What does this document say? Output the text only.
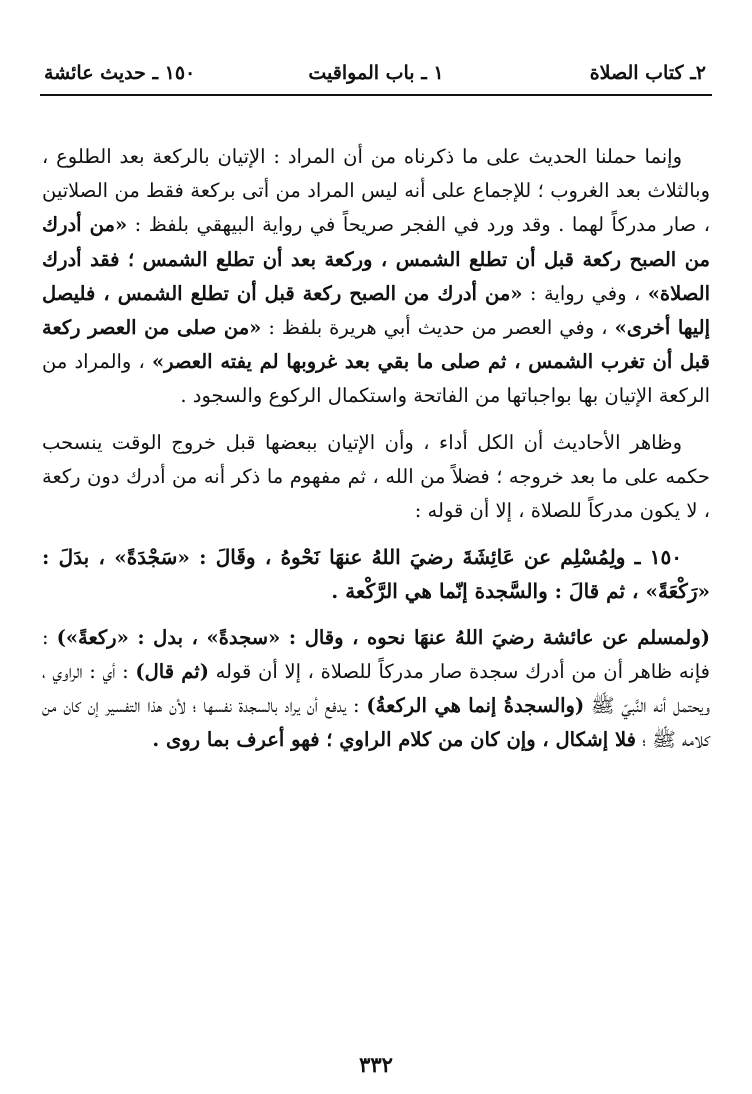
٢ـ كتاب الصلاة
١ ـ باب المواقيت
١٥٠ ـ حديث عائشة

وإنما حملنا الحديث على ما ذكرناه من أن المراد : الإتيان بالركعة بعد الطلوع ، وبالثلاث بعد الغروب ؛ للإجماع على أنه ليس المراد من أتى بركعة فقط من الصلاتين ، صار مدركاً لهما . وقد ورد في الفجر صريحاً في رواية البيهقي بلفظ : «من أدرك من الصبح ركعة قبل أن تطلع الشمس ، وركعة بعد أن تطلع الشمس ؛ فقد أدرك الصلاة» ، وفي رواية : «من أدرك من الصبح ركعة قبل أن تطلع الشمس ، فليصل إليها أخرى» ، وفي العصر من حديث أبي هريرة بلفظ : «من صلى من العصر ركعة قبل أن تغرب الشمس ، ثم صلى ما بقي بعد غروبها لم يفته العصر» ، والمراد من الركعة الإتيان بها بواجباتها من الفاتحة واستكمال الركوع والسجود .

وظاهر الأحاديث أن الكل أداء ، وأن الإتيان ببعضها قبل خروج الوقت ينسحب حكمه على ما بعد خروجه ؛ فضلاً من الله ، ثم مفهوم ما ذكر أنه من أدرك دون ركعة ، لا يكون مدركاً للصلاة ، إلا أن قوله :

١٥٠ ـ ولِمُسْلِم عن عَائِشَةَ رضيَ اللهُ عنهَا نَحْوهُ ، وقَالَ : «سَجْدَةً» ، بدَلَ : «رَكْعَةً» ، ثم قالَ : والسَّجدة إنّما هي الرَّكْعة .

(ولمسلم عن عائشة رضيَ اللهُ عنهَا نحوه ، وقال : «سجدةً» ، بدل : «ركعةً») : فإنه ظاهر أن من أدرك سجدة صار مدركاً للصلاة ، إلا أن قوله (ثم قال) : أي : الراوي ، ويحتمل أنه النَّبيّ ﷺ (والسجدةُ إنما هي الركعةُ) : يدفع أن يراد بالسجدة نفسها ؛ لأن هذا التفسير إن كان من كلامه ﷺ ؛ فلا إشكال ، وإن كان من كلام الراوي ؛ فهو أعرف بما روى .

٣٣٢
